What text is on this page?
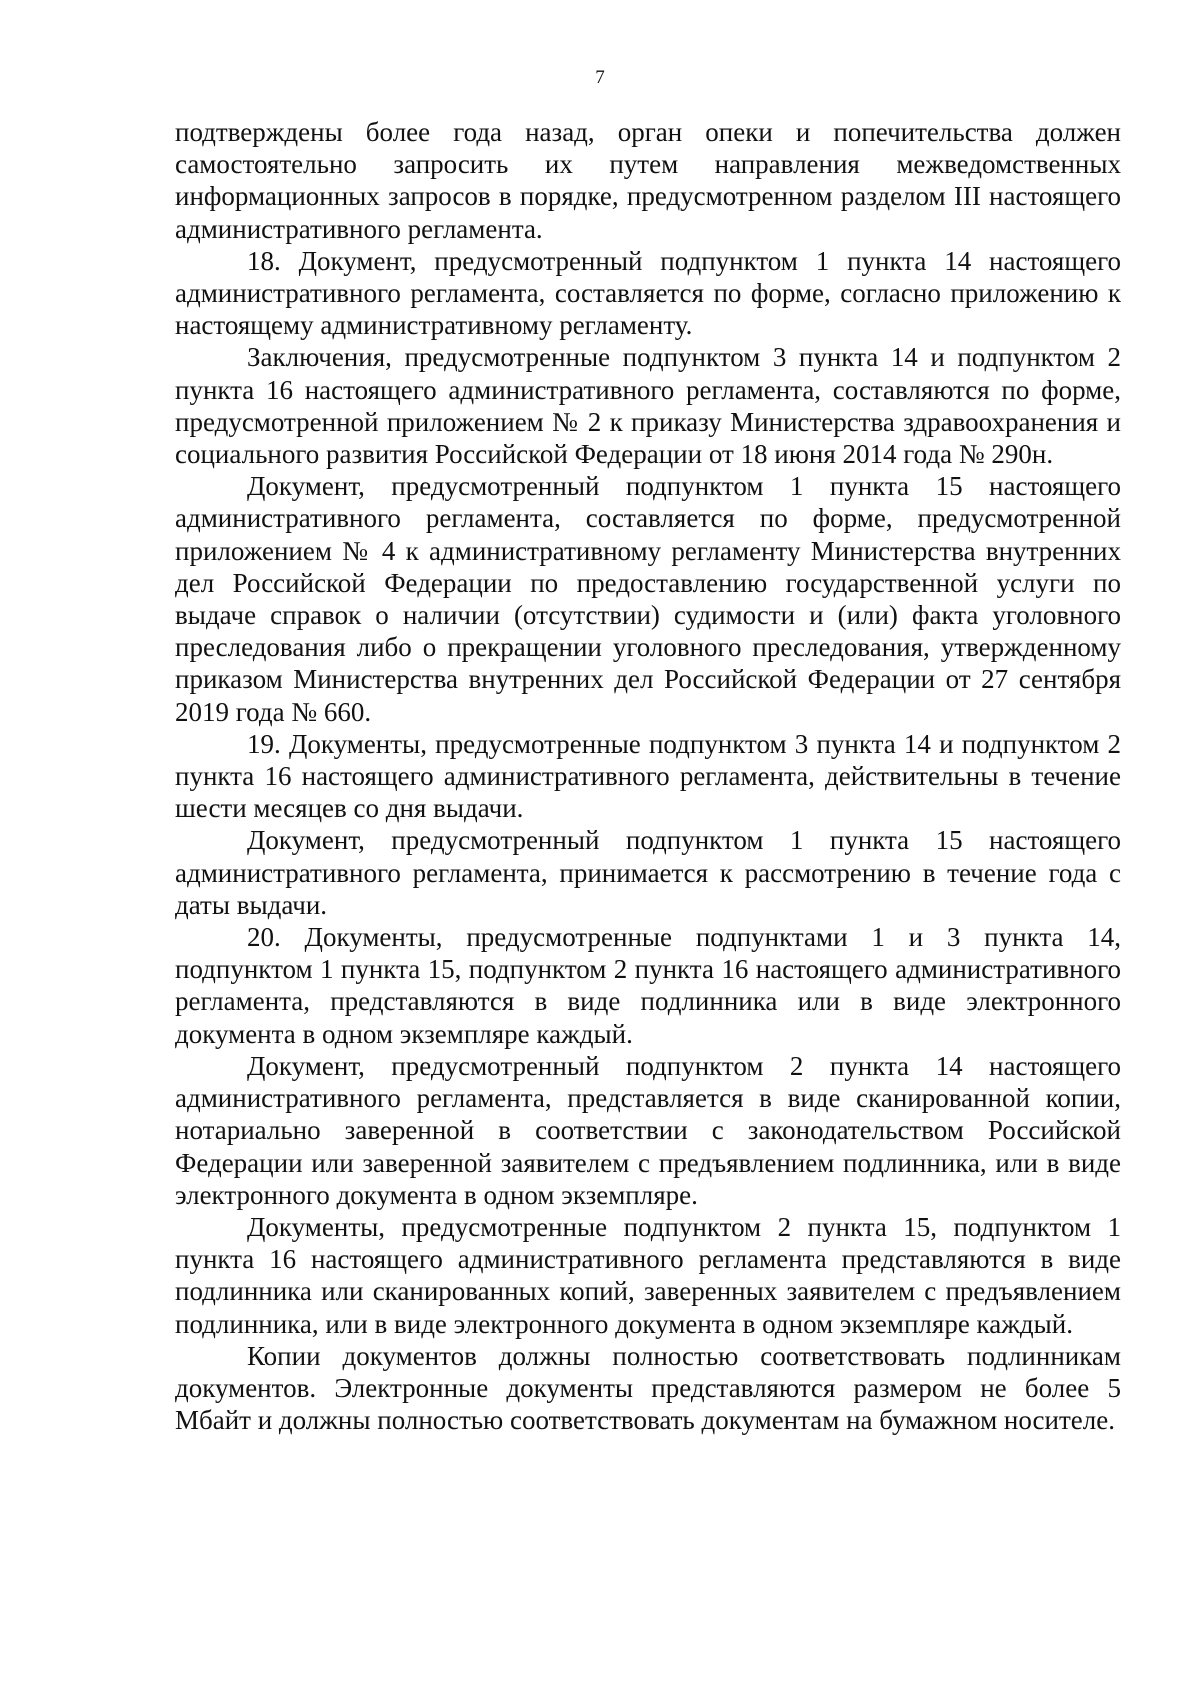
7

подтверждены более года назад, орган опеки и попечительства должен самостоятельно запросить их путем направления межведомственных информационных запросов в порядке, предусмотренном разделом III настоящего административного регламента.

18. Документ, предусмотренный подпунктом 1 пункта 14 настоящего административного регламента, составляется по форме, согласно приложению к настоящему административному регламенту.

Заключения, предусмотренные подпунктом 3 пункта 14 и подпунктом 2 пункта 16 настоящего административного регламента, составляются по форме, предусмотренной приложением № 2 к приказу Министерства здравоохранения и социального развития Российской Федерации от 18 июня 2014 года № 290н.

Документ, предусмотренный подпунктом 1 пункта 15 настоящего административного регламента, составляется по форме, предусмотренной приложением № 4 к административному регламенту Министерства внутренних дел Российской Федерации по предоставлению государственной услуги по выдаче справок о наличии (отсутствии) судимости и (или) факта уголовного преследования либо о прекращении уголовного преследования, утвержденному приказом Министерства внутренних дел Российской Федерации от 27 сентября 2019 года № 660.

19. Документы, предусмотренные подпунктом 3 пункта 14 и подпунктом 2 пункта 16 настоящего административного регламента, действительны в течение шести месяцев со дня выдачи.

Документ, предусмотренный подпунктом 1 пункта 15 настоящего административного регламента, принимается к рассмотрению в течение года с даты выдачи.

20. Документы, предусмотренные подпунктами 1 и 3 пункта 14, подпунктом 1 пункта 15, подпунктом 2 пункта 16 настоящего административного регламента, представляются в виде подлинника или в виде электронного документа в одном экземпляре каждый.

Документ, предусмотренный подпунктом 2 пункта 14 настоящего административного регламента, представляется в виде сканированной копии, нотариально заверенной в соответствии с законодательством Российской Федерации или заверенной заявителем с предъявлением подлинника, или в виде электронного документа в одном экземпляре.

Документы, предусмотренные подпунктом 2 пункта 15, подпунктом 1 пункта 16 настоящего административного регламента представляются в виде подлинника или сканированных копий, заверенных заявителем с предъявлением подлинника, или в виде электронного документа в одном экземпляре каждый.

Копии документов должны полностью соответствовать подлинникам документов. Электронные документы представляются размером не более 5 Мбайт и должны полностью соответствовать документам на бумажном носителе.
